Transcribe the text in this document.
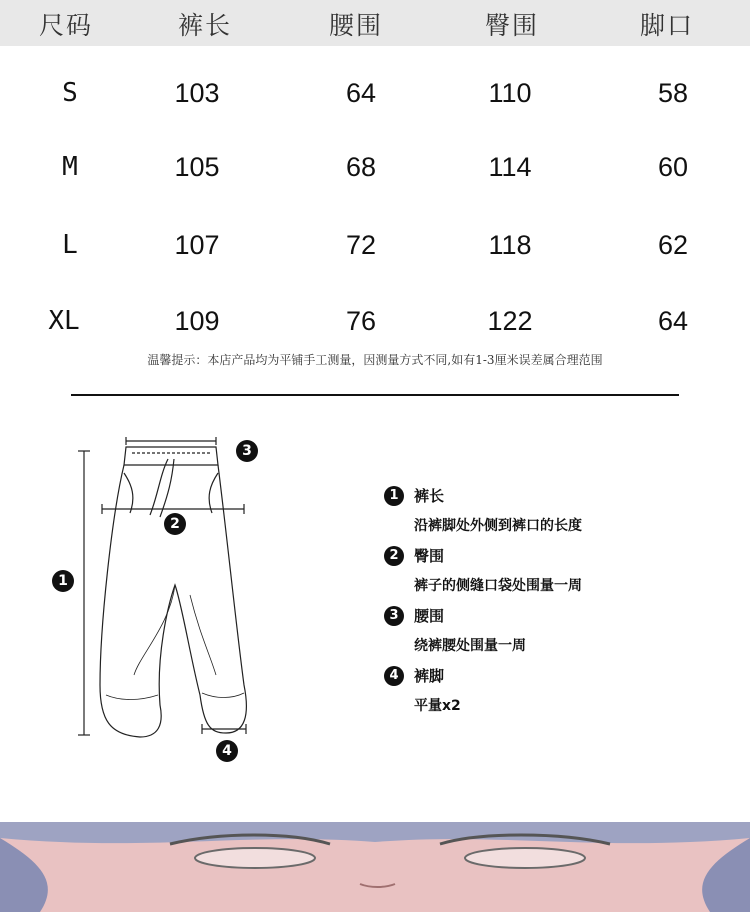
尺码	裤长	腰围	臀围	脚口
S	103	64	110	58
M	105	68	114	60
L	107	72	118	62
XL	109	76	122	64
温馨提示：本店产品均为平铺手工测量，因测量方式不同,如有1-3厘米误差属合理范围
1
2
3
4
1	裤长
沿裤脚处外侧到裤口的长度
2	臀围
裤子的侧缝口袋处围量一周
3	腰围
绕裤腰处围量一周
4	裤脚
平量x2
